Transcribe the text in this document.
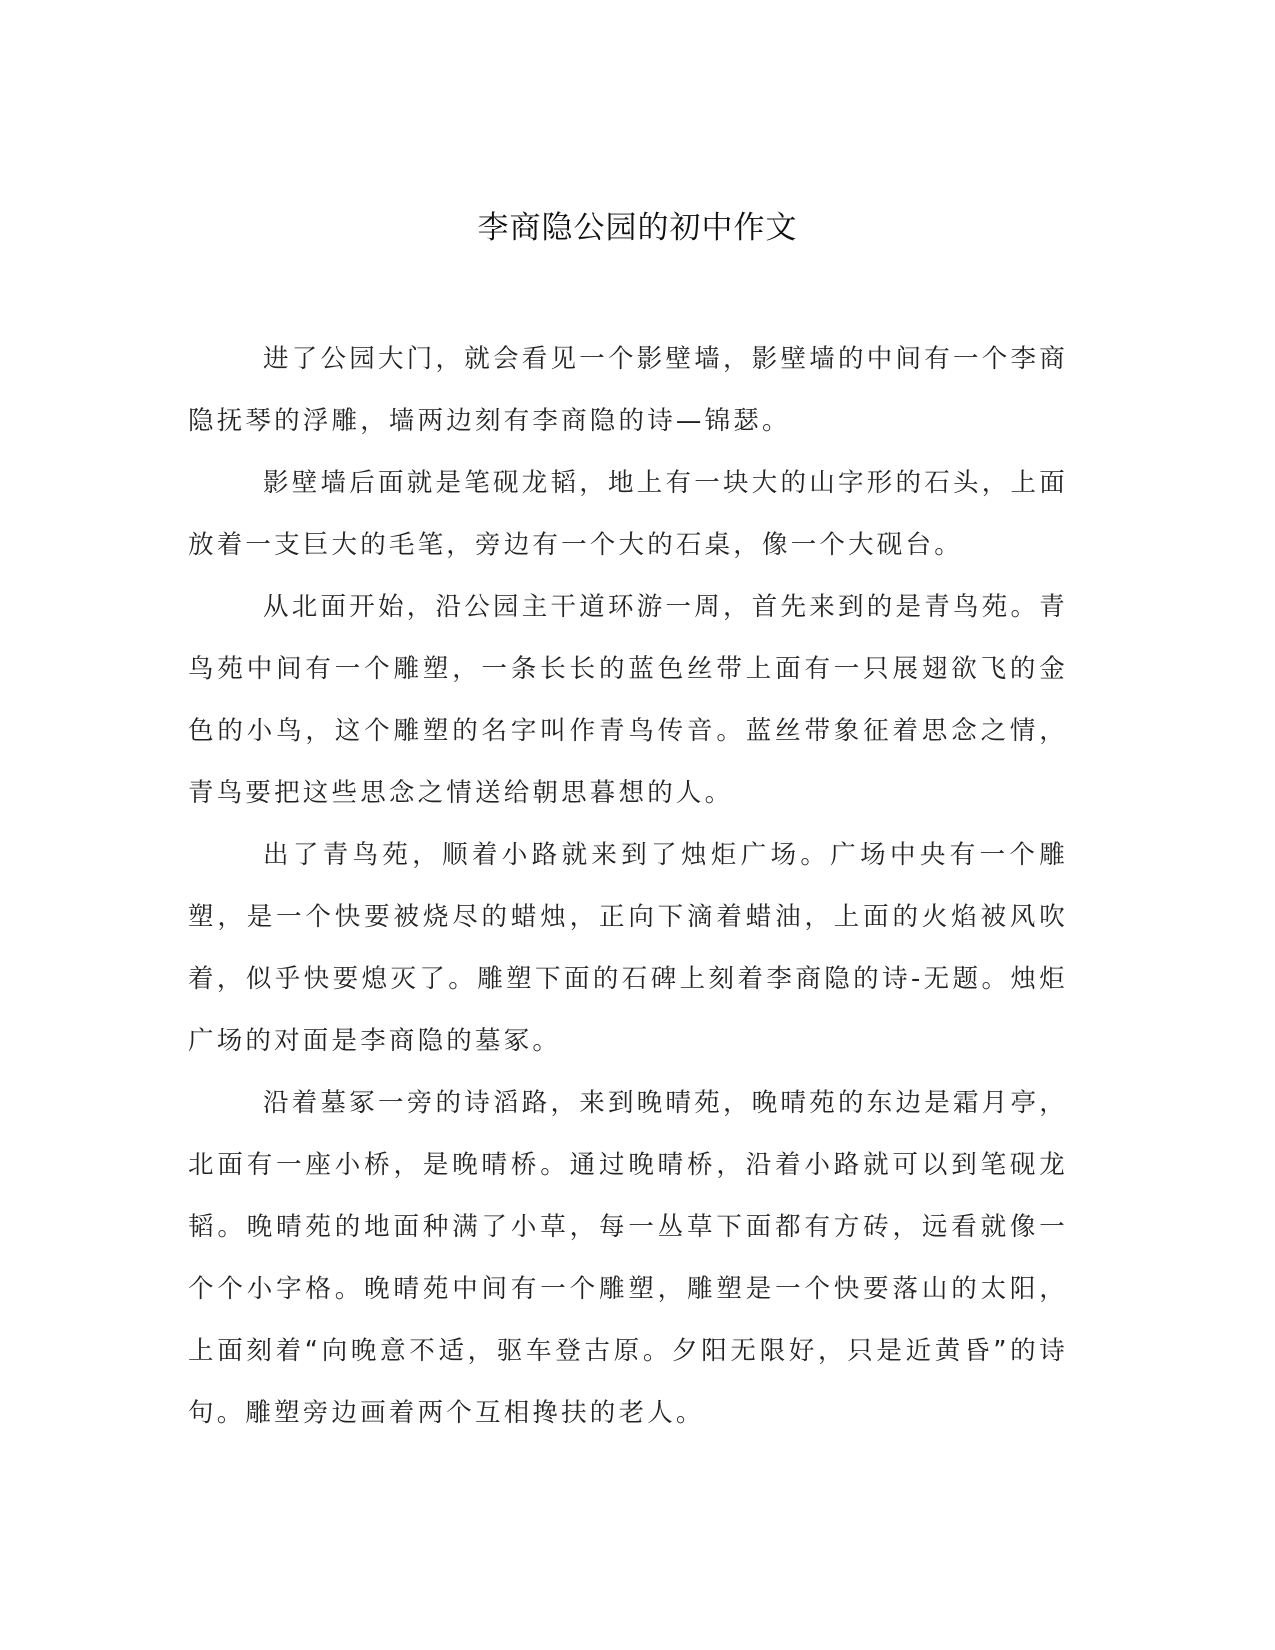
李商隐公园的初中作文

进了公园大门，就会看见一个影壁墙，影壁墙的中间有一个李商隐抚琴的浮雕，墙两边刻有李商隐的诗—锦瑟。

影壁墙后面就是笔砚龙韬，地上有一块大的山字形的石头，上面放着一支巨大的毛笔，旁边有一个大的石桌，像一个大砚台。

从北面开始，沿公园主干道环游一周，首先来到的是青鸟苑。青鸟苑中间有一个雕塑，一条长长的蓝色丝带上面有一只展翅欲飞的金色的小鸟，这个雕塑的名字叫作青鸟传音。蓝丝带象征着思念之情，青鸟要把这些思念之情送给朝思暮想的人。

出了青鸟苑，顺着小路就来到了烛炬广场。广场中央有一个雕塑，是一个快要被烧尽的蜡烛，正向下滴着蜡油，上面的火焰被风吹着，似乎快要熄灭了。雕塑下面的石碑上刻着李商隐的诗-无题。烛炬广场的对面是李商隐的墓冢。

沿着墓冢一旁的诗滔路，来到晚晴苑，晚晴苑的东边是霜月亭，北面有一座小桥，是晚晴桥。通过晚晴桥，沿着小路就可以到笔砚龙韬。晚晴苑的地面种满了小草，每一丛草下面都有方砖，远看就像一个个小字格。晚晴苑中间有一个雕塑，雕塑是一个快要落山的太阳，上面刻着“向晚意不适，驱车登古原。夕阳无限好，只是近黄昏”的诗句。雕塑旁边画着两个互相搀扶的老人。
